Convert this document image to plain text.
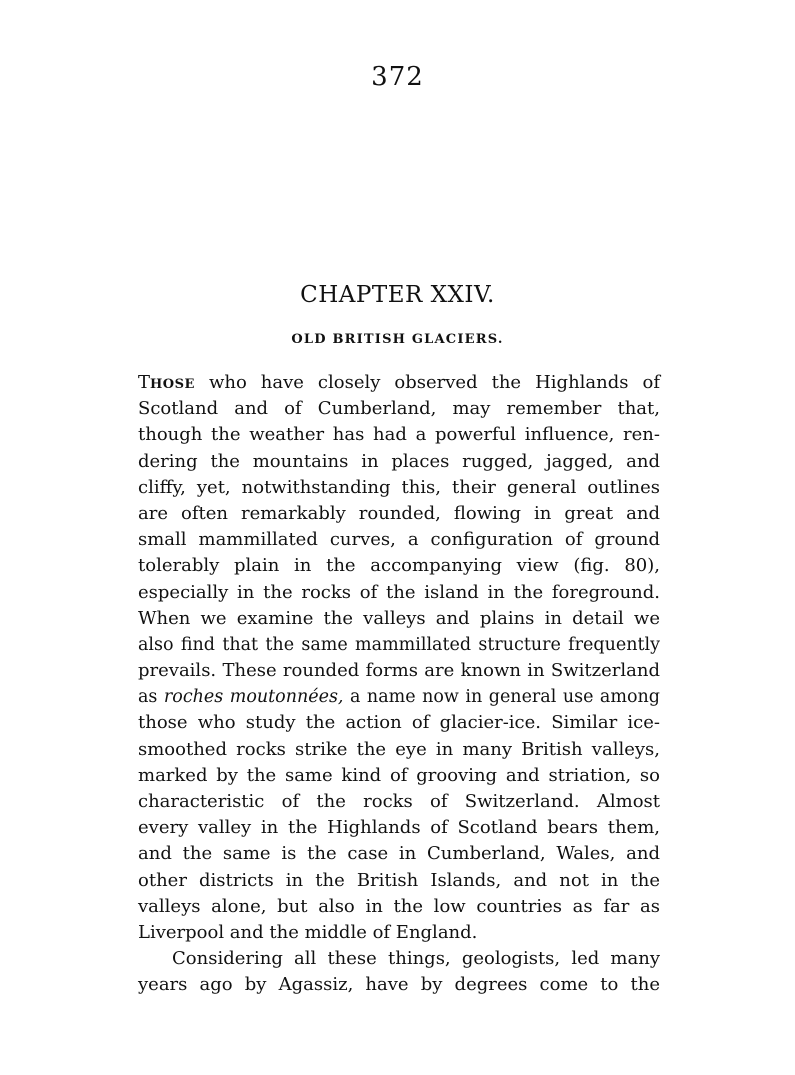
372
CHAPTER XXIV.
OLD BRITISH GLACIERS.
THOSE who have closely observed the Highlands of
Scotland and of Cumberland, may remember that,
though the weather has had a powerful influence, ren-
dering the mountains in places rugged, jagged, and
cliffy, yet, notwithstanding this, their general outlines
are often remarkably rounded, flowing in great and
small mammillated curves, a configuration of ground
tolerably plain in the accompanying view (fig. 80),
especially in the rocks of the island in the foreground.
When we examine the valleys and plains in detail we
also find that the same mammillated structure frequently
prevails. These rounded forms are known in Switzerland
as roches moutonnées, a name now in general use among
those who study the action of glacier-ice. Similar ice-
smoothed rocks strike the eye in many British valleys,
marked by the same kind of grooving and striation, so
characteristic of the rocks of Switzerland. Almost
every valley in the Highlands of Scotland bears them,
and the same is the case in Cumberland, Wales, and
other districts in the British Islands, and not in the
valleys alone, but also in the low countries as far as
Liverpool and the middle of England.
Considering all these things, geologists, led many
years ago by Agassiz, have by degrees come to the
